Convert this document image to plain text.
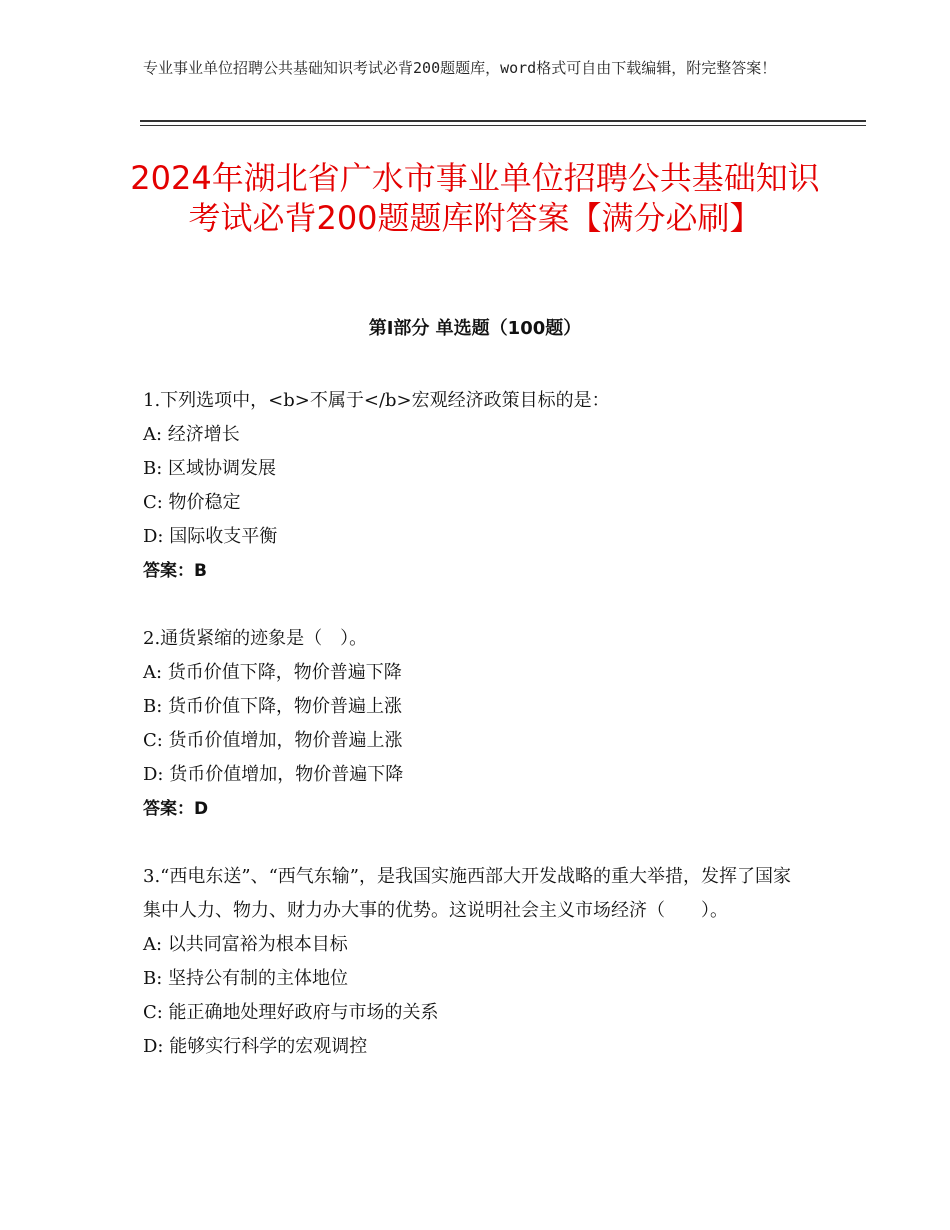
专业事业单位招聘公共基础知识考试必背200题题库，word格式可自由下载编辑，附完整答案！
2024年湖北省广水市事业单位招聘公共基础知识考试必背200题题库附答案【满分必刷】
第I部分 单选题（100题）

1.下列选项中，<b>不属于</b>宏观经济政策目标的是：

A: 经济增长

B: 区域协调发展

C: 物价稳定

D: 国际收支平衡

答案：B

2.通货紧缩的迹象是（　）。

A: 货币价值下降，物价普遍下降

B: 货币价值下降，物价普遍上涨

C: 货币价值增加，物价普遍上涨

D: 货币价值增加，物价普遍下降

答案：D

3.“西电东送”、“西气东输”，是我国实施西部大开发战略的重大举措，发挥了国家集中人力、物力、财力办大事的优势。这说明社会主义市场经济（　　）。

A: 以共同富裕为根本目标

B: 坚持公有制的主体地位

C: 能正确地处理好政府与市场的关系

D: 能够实行科学的宏观调控
